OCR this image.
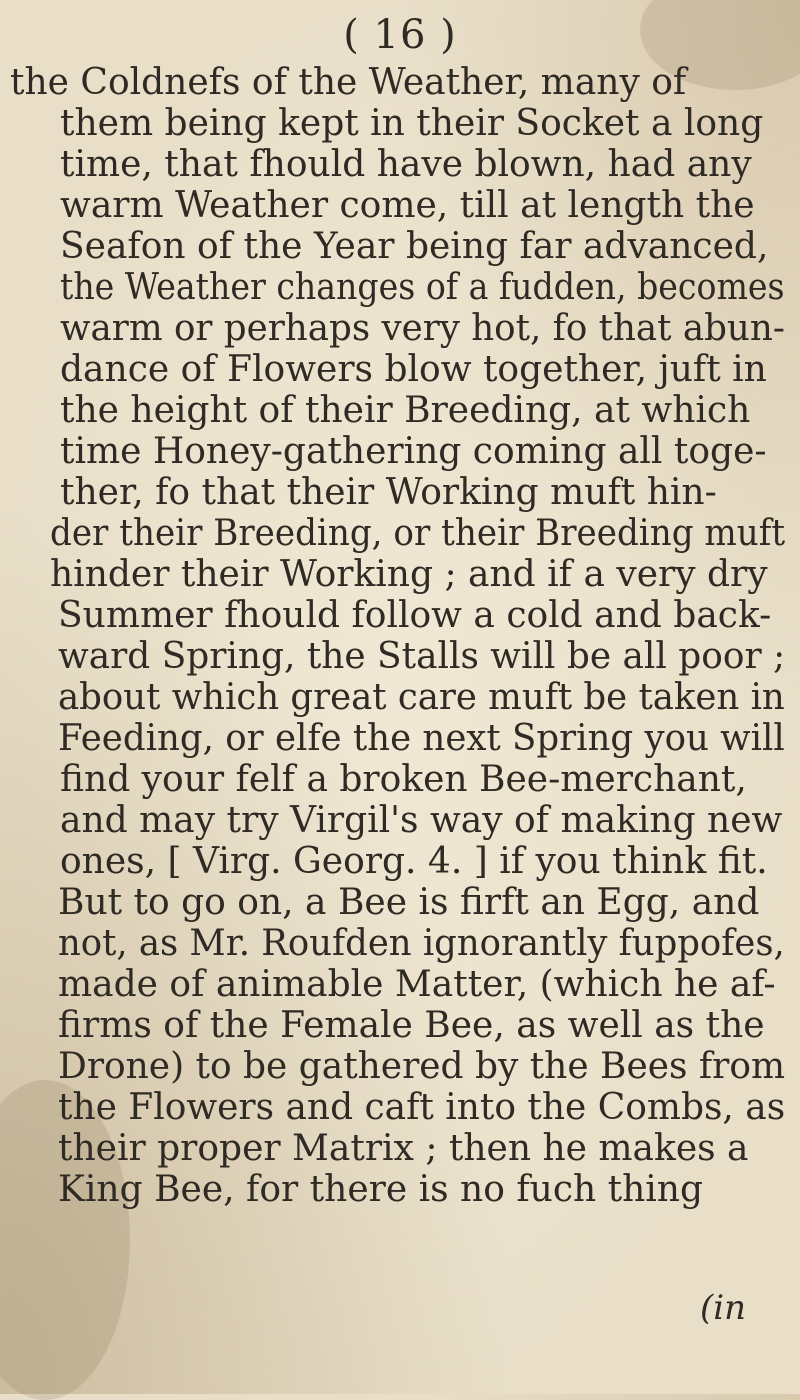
( 16 )
the Coldnefs of the Weather, many of
them being kept in their Socket a long
time, that fhould have blown, had any
warm Weather come, till at length the
Seafon of the Year being far advanced,
the Weather changes of a fudden, becomes
warm or perhaps very hot, fo that abun-
dance of Flowers blow together, juft in
the height of their Breeding, at which
time Honey-gathering coming all toge-
ther, fo that their Working muft hin-
der their Breeding, or their Breeding muft
hinder their Working ; and if a very dry
Summer fhould follow a cold and back-
ward Spring, the Stalls will be all poor ;
about which great care muft be taken in
Feeding, or elfe the next Spring you will
find your felf a broken Bee-merchant,
and may try Virgil's way of making new
ones, [ Virg. Georg. 4. ] if you think fit.
But to go on, a Bee is firft an Egg, and
not, as Mr. Roufden ignorantly fuppofes,
made of animable Matter, (which he af-
firms of the Female Bee, as well as the
Drone) to be gathered by the Bees from
the Flowers and caft into the Combs, as
their proper Matrix ; then he makes a
King Bee, for there is no fuch thing
(in
